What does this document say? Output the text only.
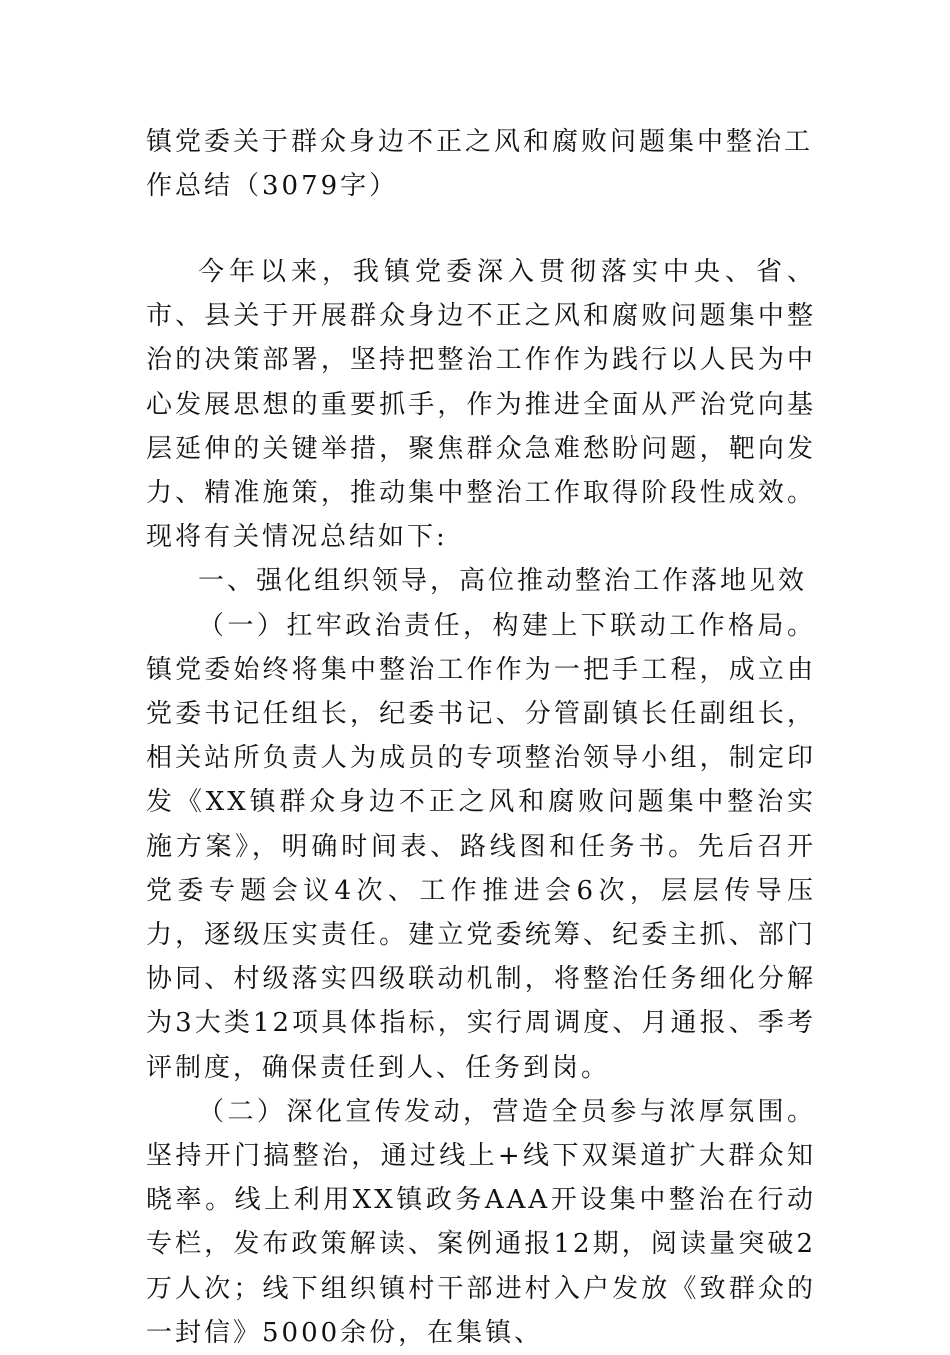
镇党委关于群众身边不正之风和腐败问题集中整治工作总结（3079字）

今年以来，我镇党委深入贯彻落实中央、省、市、县关于开展群众身边不正之风和腐败问题集中整治的决策部署，坚持把整治工作作为践行以人民为中心发展思想的重要抓手，作为推进全面从严治党向基层延伸的关键举措，聚焦群众急难愁盼问题，靶向发力、精准施策，推动集中整治工作取得阶段性成效。现将有关情况总结如下:

一、强化组织领导，高位推动整治工作落地见效

（一）扛牢政治责任，构建上下联动工作格局。镇党委始终将集中整治工作作为一把手工程，成立由党委书记任组长，纪委书记、分管副镇长任副组长，相关站所负责人为成员的专项整治领导小组，制定印发《XX镇群众身边不正之风和腐败问题集中整治实施方案》，明确时间表、路线图和任务书。先后召开党委专题会议4次、工作推进会6次，层层传导压力，逐级压实责任。建立党委统筹、纪委主抓、部门协同、村级落实四级联动机制，将整治任务细化分解为3大类12项具体指标，实行周调度、月通报、季考评制度，确保责任到人、任务到岗。

（二）深化宣传发动，营造全员参与浓厚氛围。坚持开门搞整治，通过线上+线下双渠道扩大群众知晓率。线上利用XX镇政务AAA开设集中整治在行动专栏，发布政策解读、案例通报12期，阅读量突破2万人次；线下组织镇村干部进村入户发放《致群众的一封信》5000余份，在集镇、
